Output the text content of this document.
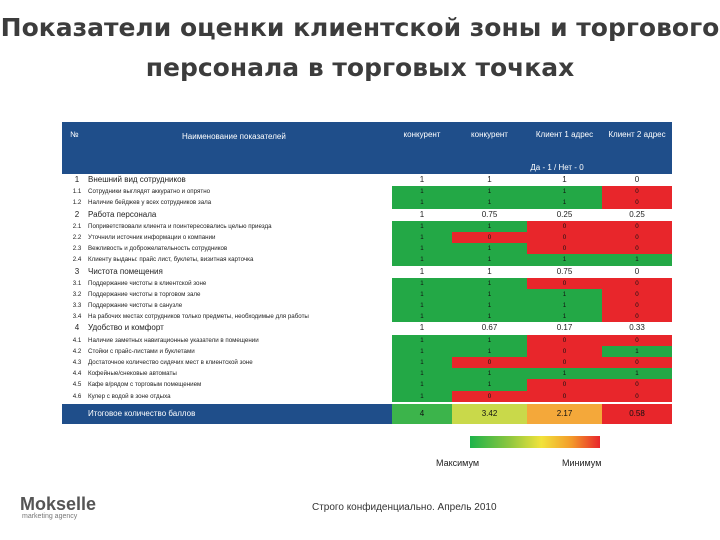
Показатели оценки клиентской зоны и торгового персонала в торговых точках
№	Наименование показателей	конкурент	конкурент	Клиент 1 адрес	Клиент 2 адрес
Да - 1 / Нет - 0
1	Внешний вид сотрудников	1	1	1	0
1.1	Сотрудники выглядят аккуратно и опрятно	1	1	1	0
1.2	Наличие бейджев у всех сотрудников зала	1	1	1	0
2	Работа персонала	1	0.75	0.25	0.25
2.1	Поприветствовали клиента и поинтересовались целью приезда	1	1	0	0
2.2	Уточнили источник информации о компании	1	0	0	0
2.3	Вежливость и доброжелательность сотрудников	1	1	0	0
2.4	Клиенту выданы: прайс лист, буклеты, визитная карточка	1	1	1	1
3	Чистота помещения	1	1	0.75	0
3.1	Поддержание чистоты в клиентской зоне	1	1	0	0
3.2	Поддержание чистоты в торговом зале	1	1	1	0
3.3	Поддержание чистоты в санузле	1	1	1	0
3.4	На рабочих местах сотрудников только предметы, необходимые для работы	1	1	1	0
4	Удобство и комфорт	1	0.67	0.17	0.33
4.1	Наличие заметных навигационные указатели в помещении	1	1	0	0
4.2	Стойки с прайс-листами и буклетами	1	1	0	1
4.3	Достаточное количество сидячих мест в клиентской зоне	1	0	0	0
4.4	Кофейные/снековые автоматы	1	1	1	1
4.5	Кафе в/рядом с торговым помещением	1	1	0	0
4.6	Кулер с водой в зоне отдыха	1	0	0	0
Итоговое количество баллов	4	3.42	2.17	0.58
Максимум	Минимум
Mokselle
marketing agency
Строго конфиденциально. Апрель 2010
